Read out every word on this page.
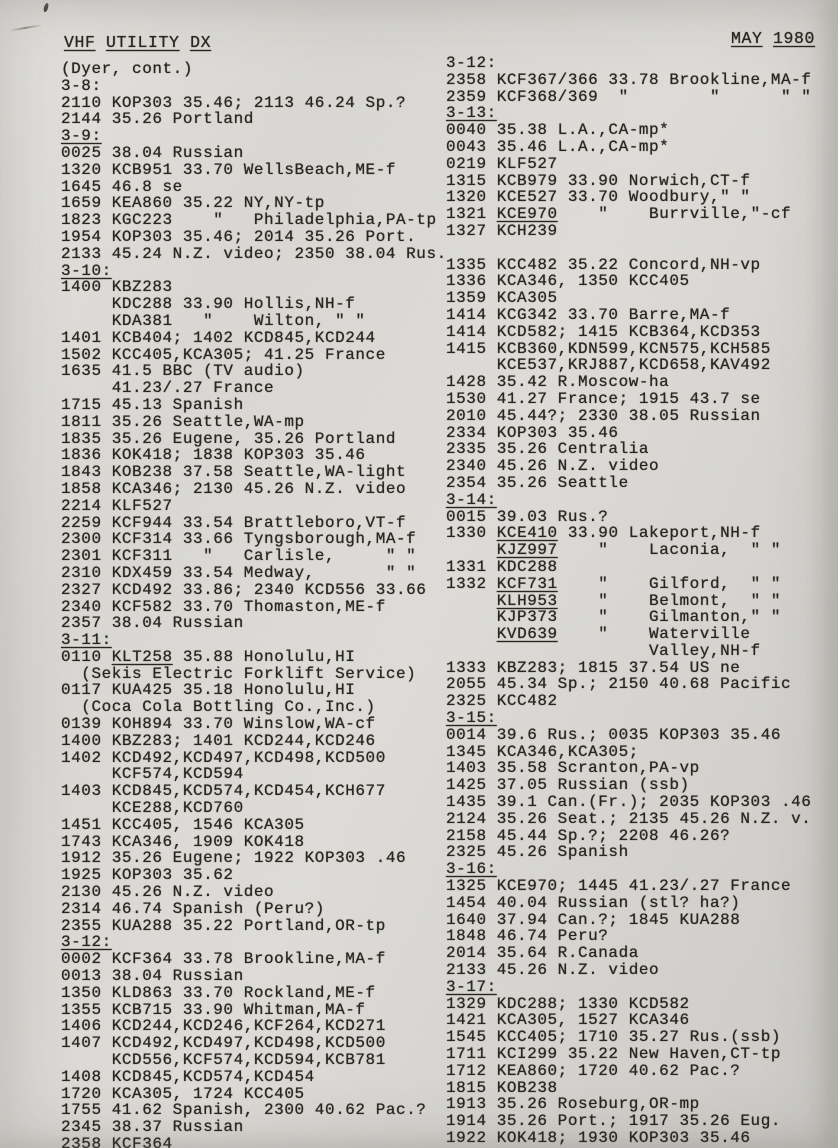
VHF UTILITY DX	MAY 1980
(Dyer, cont.)
3-8:
2110 KOP303 35.46; 2113 46.24 Sp.?
2144 35.26 Portland
3-9:
0025 38.04 Russian
1320 KCB951 33.70 WellsBeach,ME-f
1645 46.8 se
1659 KEA860 35.22 NY,NY-tp
1823 KGC223    "   Philadelphia,PA-tp
1954 KOP303 35.46; 2014 35.26 Port.
2133 45.24 N.Z. video; 2350 38.04 Rus.
3-10:
1400 KBZ283
KDC288 33.90 Hollis,NH-f
KDA381   "    Wilton, " "
1401 KCB404; 1402 KCD845,KCD244
1502 KCC405,KCA305; 41.25 France
1635 41.5 BBC (TV audio)
41.23/.27 France
1715 45.13 Spanish
1811 35.26 Seattle,WA-mp
1835 35.26 Eugene, 35.26 Portland
1836 KOK418; 1838 KOP303 35.46
1843 KOB238 37.58 Seattle,WA-light
1858 KCA346; 2130 45.26 N.Z. video
2214 KLF527
2259 KCF944 33.54 Brattleboro,VT-f
2300 KCF314 33.66 Tyngsborough,MA-f
2301 KCF311   "   Carlisle,     " "
2310 KDX459 33.54 Medway,       " "
2327 KCD492 33.86; 2340 KCD556 33.66
2340 KCF582 33.70 Thomaston,ME-f
2357 38.04 Russian
3-11:
0110 KLT258 35.88 Honolulu,HI
(Sekis Electric Forklift Service)
0117 KUA425 35.18 Honolulu,HI
(Coca Cola Bottling Co.,Inc.)
0139 KOH894 33.70 Winslow,WA-cf
1400 KBZ283; 1401 KCD244,KCD246
1402 KCD492,KCD497,KCD498,KCD500
KCF574,KCD594
1403 KCD845,KCD574,KCD454,KCH677
KCE288,KCD760
1451 KCC405, 1546 KCA305
1743 KCA346, 1909 KOK418
1912 35.26 Eugene; 1922 KOP303 .46
1925 KOP303 35.62
2130 45.26 N.Z. video
2314 46.74 Spanish (Peru?)
2355 KUA288 35.22 Portland,OR-tp
3-12:
0002 KCF364 33.78 Brookline,MA-f
0013 38.04 Russian
1350 KLD863 33.70 Rockland,ME-f
1355 KCB715 33.90 Whitman,MA-f
1406 KCD244,KCD246,KCF264,KCD271
1407 KCD492,KCD497,KCD498,KCD500
KCD556,KCF574,KCD594,KCB781
1408 KCD845,KCD574,KCD454
1720 KCA305, 1724 KCC405
1755 41.62 Spanish, 2300 40.62 Pac.?
2345 38.37 Russian
2358 KCF364
3-12:
2358 KCF367/366 33.78 Brookline,MA-f
2359 KCF368/369  "        "      " "
3-13:
0040 35.38 L.A.,CA-mp*
0043 35.46 L.A.,CA-mp*
0219 KLF527
1315 KCB979 33.90 Norwich,CT-f
1320 KCE527 33.70 Woodbury," "
1321 KCE970    "    Burrville,"-cf
1327 KCH239

1335 KCC482 35.22 Concord,NH-vp
1336 KCA346, 1350 KCC405
1359 KCA305
1414 KCG342 33.70 Barre,MA-f
1414 KCD582; 1415 KCB364,KCD353
1415 KCB360,KDN599,KCN575,KCH585
KCE537,KRJ887,KCD658,KAV492
1428 35.42 R.Moscow-ha
1530 41.27 France; 1915 43.7 se
2010 45.44?; 2330 38.05 Russian
2334 KOP303 35.46
2335 35.26 Centralia
2340 45.26 N.Z. video
2354 35.26 Seattle
3-14:
0015 39.03 Rus.?
1330 KCE410 33.90 Lakeport,NH-f
KJZ997    "    Laconia,  " "
1331 KDC288
1332 KCF731    "    Gilford,  " "
KLH953    "    Belmont,  " "
KJP373    "    Gilmanton," "
KVD639    "    Waterville
Valley,NH-f
1333 KBZ283; 1815 37.54 US ne
2055 45.34 Sp.; 2150 40.68 Pacific
2325 KCC482
3-15:
0014 39.6 Rus.; 0035 KOP303 35.46
1345 KCA346,KCA305;
1403 35.58 Scranton,PA-vp
1425 37.05 Russian (ssb)
1435 39.1 Can.(Fr.); 2035 KOP303 .46
2124 35.26 Seat.; 2135 45.26 N.Z. v.
2158 45.44 Sp.?; 2208 46.26?
2325 45.26 Spanish
3-16:
1325 KCE970; 1445 41.23/.27 France
1454 40.04 Russian (stl? ha?)
1640 37.94 Can.?; 1845 KUA288
1848 46.74 Peru?
2014 35.64 R.Canada
2133 45.26 N.Z. video
3-17:
1329 KDC288; 1330 KCD582
1421 KCA305, 1527 KCA346
1545 KCC405; 1710 35.27 Rus.(ssb)
1711 KCI299 35.22 New Haven,CT-tp
1712 KEA860; 1720 40.62 Pac.?
1815 KOB238
1913 35.26 Roseburg,OR-mp
1914 35.26 Port.; 1917 35.26 Eug.
1922 KOK418; 1930 KOP303 35.46
